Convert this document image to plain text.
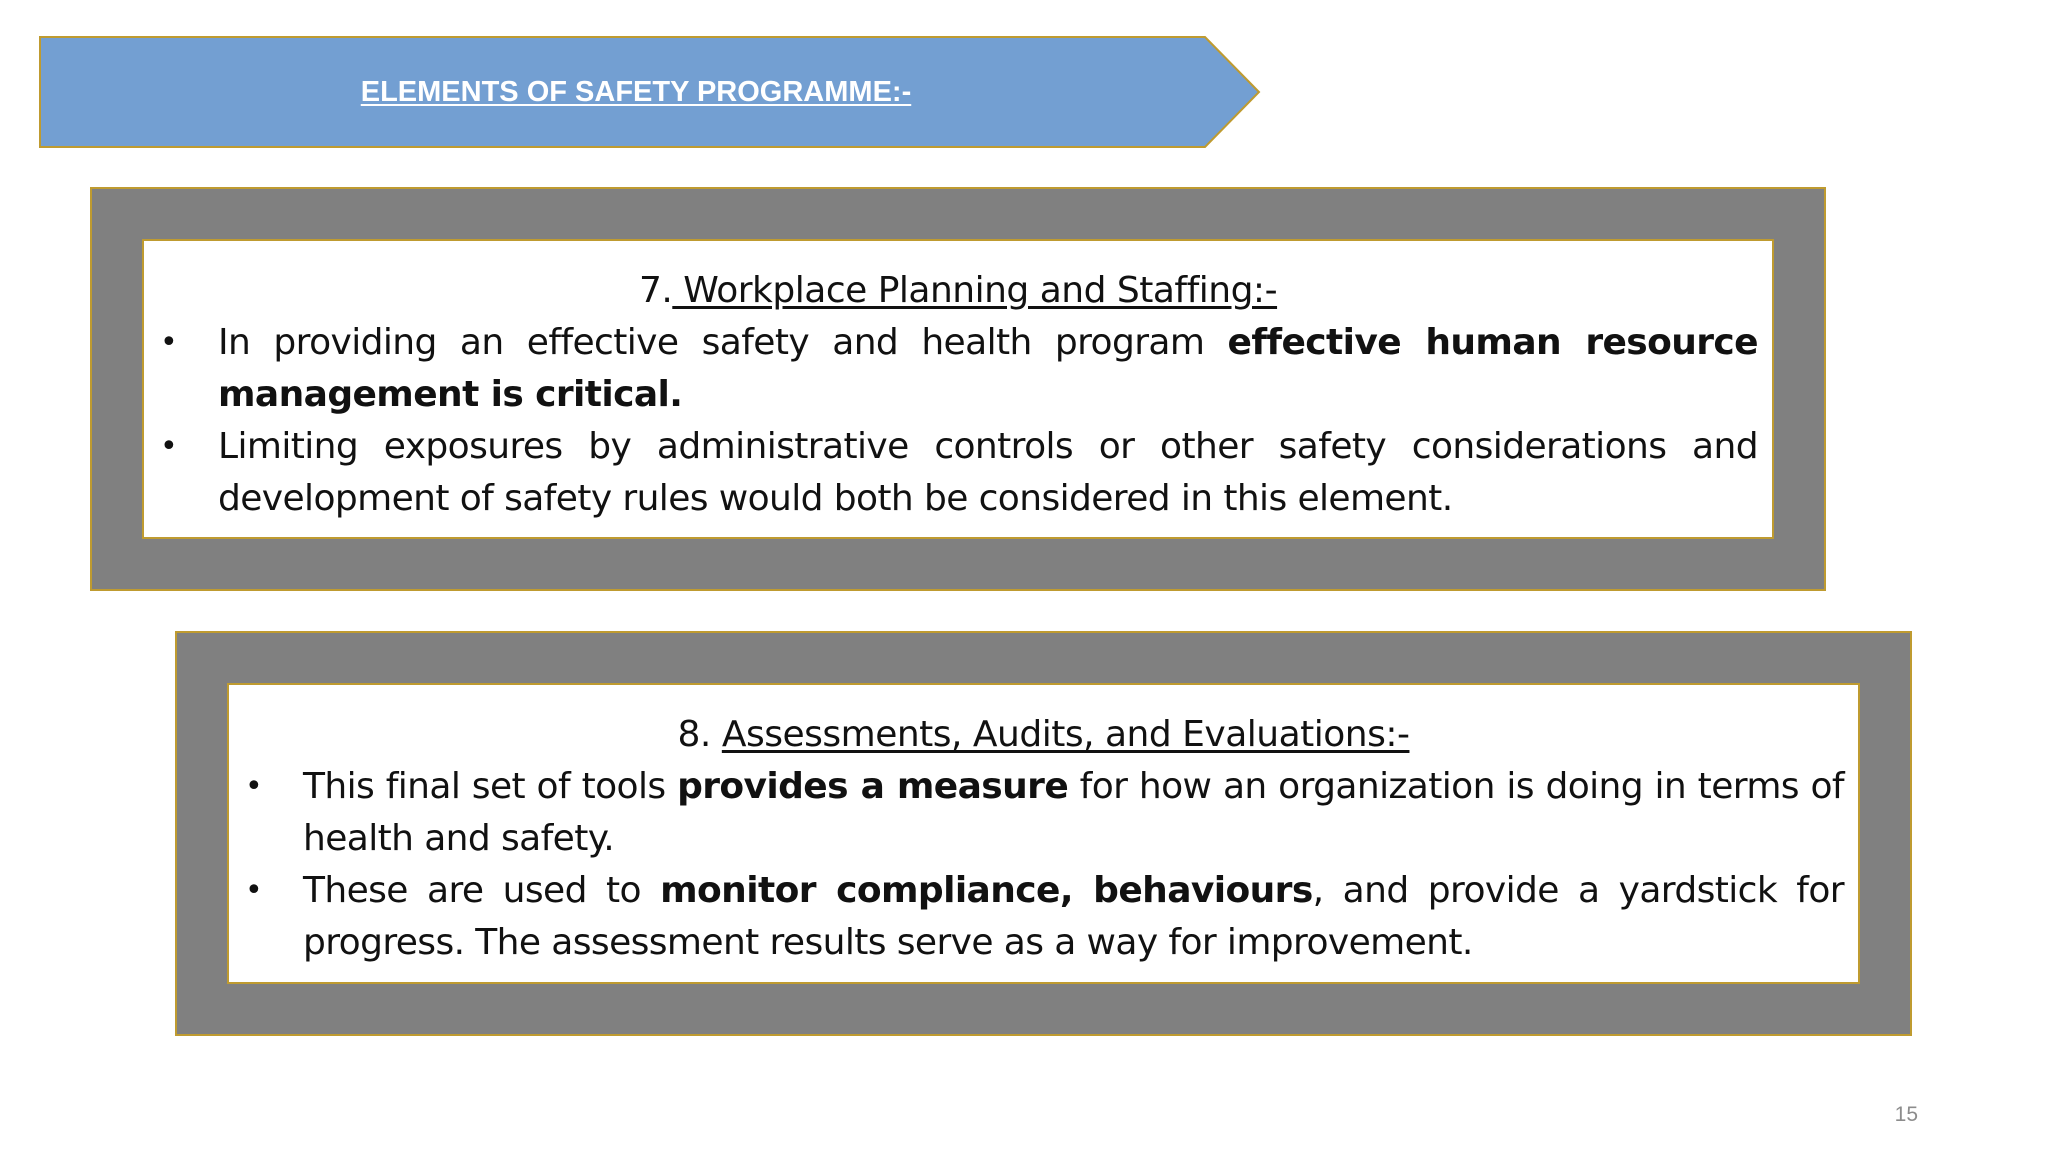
ELEMENTS OF SAFETY PROGRAMME:-
7. Workplace Planning and Staffing:-
• In providing an effective safety and health program effective human resource management is critical.
• Limiting exposures by administrative controls or other safety considerations and development of safety rules would both be considered in this element.
8. Assessments, Audits, and Evaluations:-
• This final set of tools provides a measure for how an organization is doing in terms of health and safety.
• These are used to monitor compliance, behaviours, and provide a yardstick for progress. The assessment results serve as a way for improvement.
15
